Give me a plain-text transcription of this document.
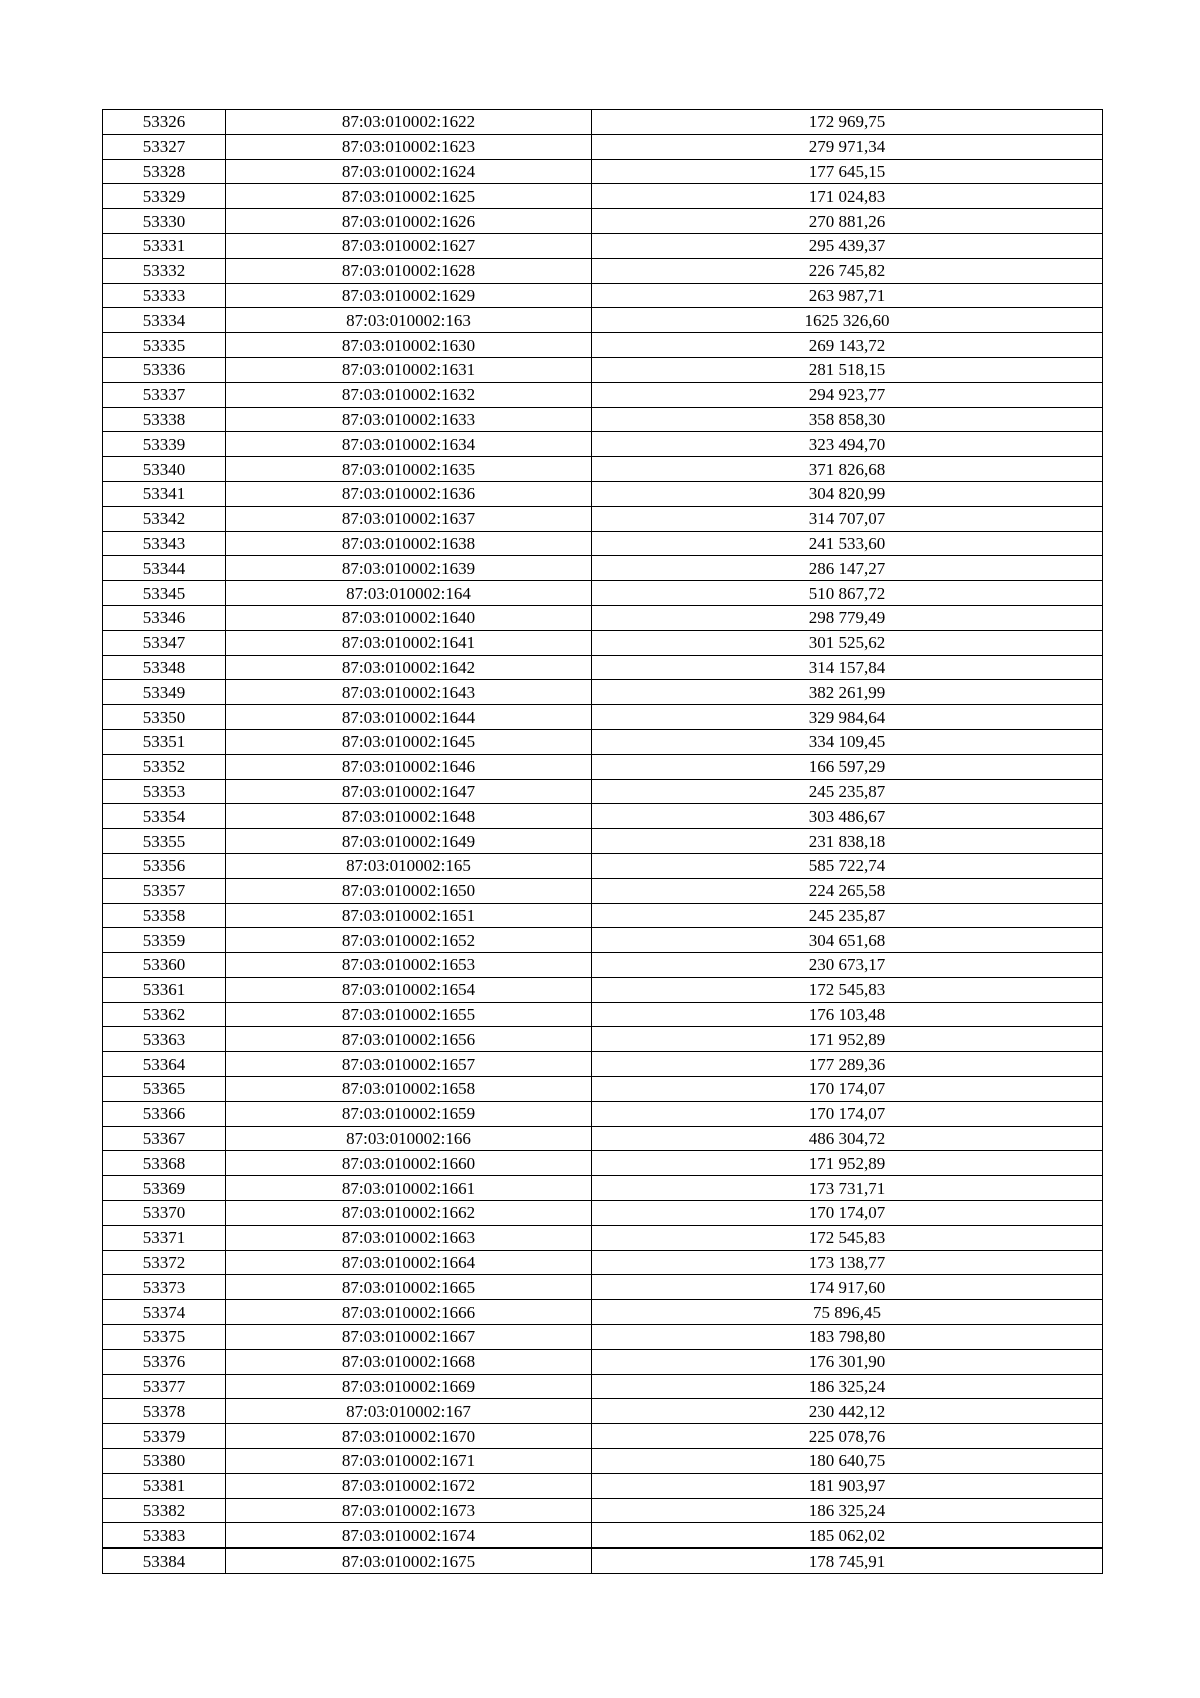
53326	87:03:010002:1622	172 969,75
53327	87:03:010002:1623	279 971,34
53328	87:03:010002:1624	177 645,15
53329	87:03:010002:1625	171 024,83
53330	87:03:010002:1626	270 881,26
53331	87:03:010002:1627	295 439,37
53332	87:03:010002:1628	226 745,82
53333	87:03:010002:1629	263 987,71
53334	87:03:010002:163	1625 326,60
53335	87:03:010002:1630	269 143,72
53336	87:03:010002:1631	281 518,15
53337	87:03:010002:1632	294 923,77
53338	87:03:010002:1633	358 858,30
53339	87:03:010002:1634	323 494,70
53340	87:03:010002:1635	371 826,68
53341	87:03:010002:1636	304 820,99
53342	87:03:010002:1637	314 707,07
53343	87:03:010002:1638	241 533,60
53344	87:03:010002:1639	286 147,27
53345	87:03:010002:164	510 867,72
53346	87:03:010002:1640	298 779,49
53347	87:03:010002:1641	301 525,62
53348	87:03:010002:1642	314 157,84
53349	87:03:010002:1643	382 261,99
53350	87:03:010002:1644	329 984,64
53351	87:03:010002:1645	334 109,45
53352	87:03:010002:1646	166 597,29
53353	87:03:010002:1647	245 235,87
53354	87:03:010002:1648	303 486,67
53355	87:03:010002:1649	231 838,18
53356	87:03:010002:165	585 722,74
53357	87:03:010002:1650	224 265,58
53358	87:03:010002:1651	245 235,87
53359	87:03:010002:1652	304 651,68
53360	87:03:010002:1653	230 673,17
53361	87:03:010002:1654	172 545,83
53362	87:03:010002:1655	176 103,48
53363	87:03:010002:1656	171 952,89
53364	87:03:010002:1657	177 289,36
53365	87:03:010002:1658	170 174,07
53366	87:03:010002:1659	170 174,07
53367	87:03:010002:166	486 304,72
53368	87:03:010002:1660	171 952,89
53369	87:03:010002:1661	173 731,71
53370	87:03:010002:1662	170 174,07
53371	87:03:010002:1663	172 545,83
53372	87:03:010002:1664	173 138,77
53373	87:03:010002:1665	174 917,60
53374	87:03:010002:1666	75 896,45
53375	87:03:010002:1667	183 798,80
53376	87:03:010002:1668	176 301,90
53377	87:03:010002:1669	186 325,24
53378	87:03:010002:167	230 442,12
53379	87:03:010002:1670	225 078,76
53380	87:03:010002:1671	180 640,75
53381	87:03:010002:1672	181 903,97
53382	87:03:010002:1673	186 325,24
53383	87:03:010002:1674	185 062,02
53384	87:03:010002:1675	178 745,91
